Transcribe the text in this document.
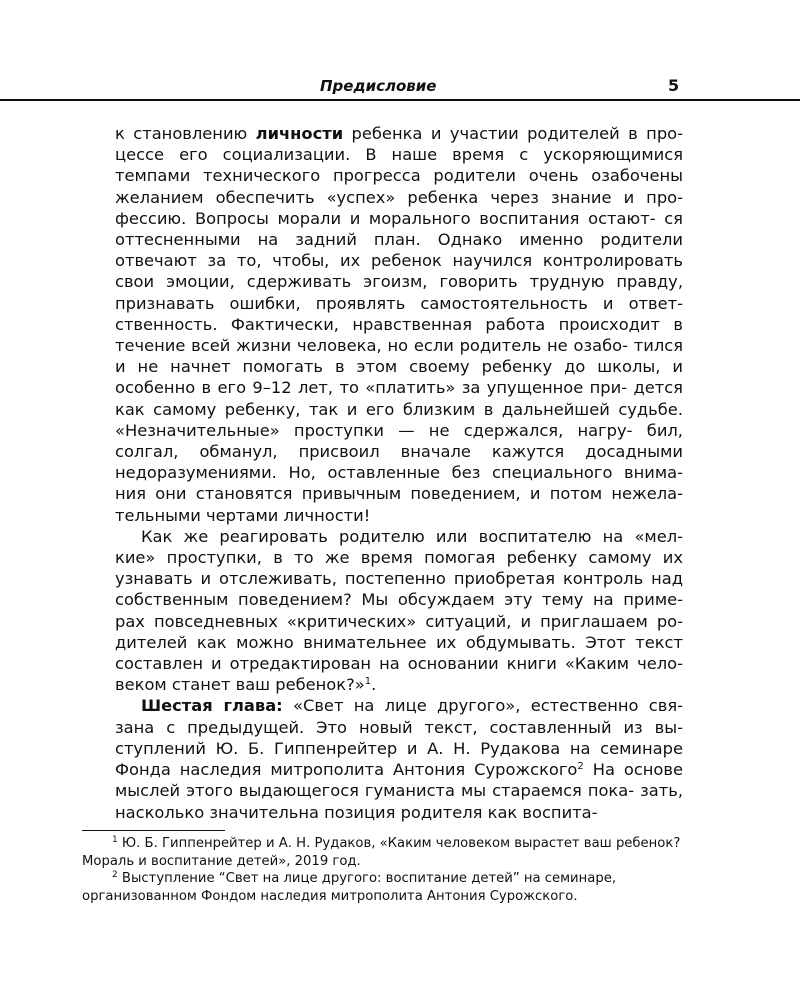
Предисловие	5

к становлению личности ребенка и участии родителей в про- цессе его социализации. В наше время с ускоряющимися темпами технического прогресса родители очень озабочены желанием обеспечить «успех» ребенка через знание и про- фессию. Вопросы морали и морального воспитания остают- ся оттесненными на задний план. Однако именно родители отвечают за то, чтобы, их ребенок научился контролировать свои эмоции, сдерживать эгоизм, говорить трудную правду, признавать ошибки, проявлять самостоятельность и ответ- ственность. Фактически, нравственная работа происходит в течение всей жизни человека, но если родитель не озабо- тился и не начнет помогать в этом своему ребенку до школы, и особенно в его 9–12 лет, то «платить» за упущенное при- дется как самому ребенку, так и его близким в дальнейшей судьбе. «Незначительные» проступки — не сдержался, нагру- бил, солгал, обманул, присвоил вначале кажутся досадными недоразумениями. Но, оставленные без специального внима- ния они становятся привычным поведением, и потом нежела- тельными чертами личности!

Как же реагировать родителю или воспитателю на «мел- кие» проступки, в то же время помогая ребенку самому их узнавать и отслеживать, постепенно приобретая контроль над собственным поведением? Мы обсуждаем эту тему на приме- рах повседневных «критических» ситуаций, и приглашаем ро- дителей как можно внимательнее их обдумывать. Этот текст составлен и отредактирован на основании книги «Каким чело- веком станет ваш ребенок?»$^1$.

Шестая глава: «Свет на лице другого», естественно свя- зана с предыдущей. Это новый текст, составленный из вы- ступлений Ю. Б. Гиппенрейтер и А. Н. Рудакова на семинаре Фонда наследия митрополита Антония Сурожского$^2$ На основе мыслей этого выдающегося гуманиста мы стараемся пока- зать, насколько значительна позиция родителя как воспита-

$^1$ Ю. Б. Гиппенрейтер и А. Н. Рудаков, «Каким человеком вырастет ваш ребенок? Мораль и воспитание детей», 2019 год.

$^2$ Выступление “Свет на лице другого: воспитание детей” на семинаре, организованном Фондом наследия митрополита Антония Сурожского.
